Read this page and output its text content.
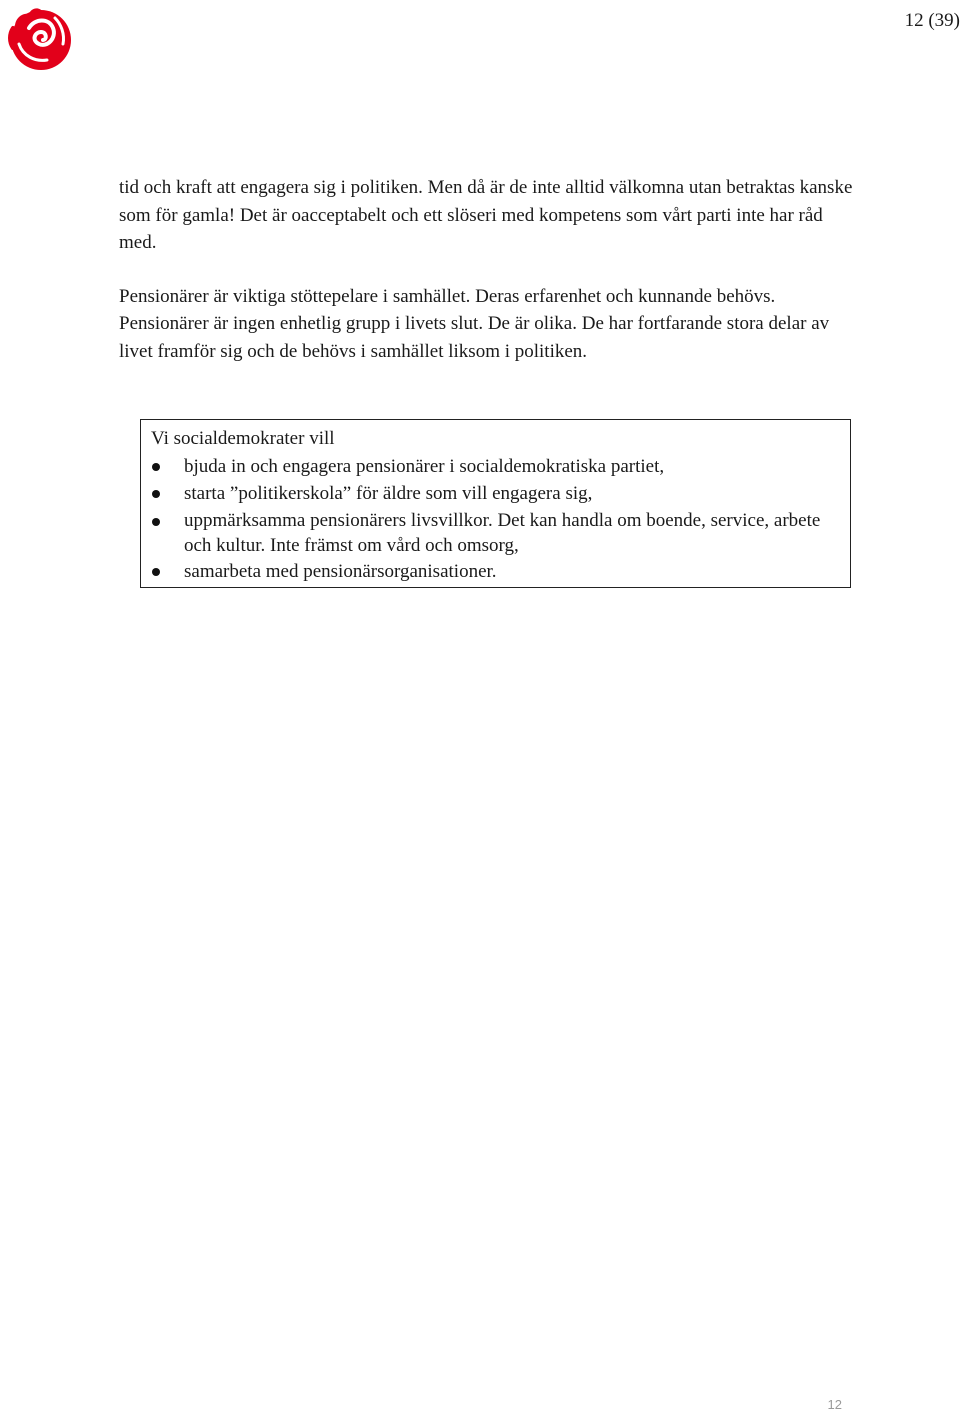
12 (39)

tid och kraft att engagera sig i politiken. Men då är de inte alltid välkomna utan betraktas kanske som för gamla! Det är oacceptabelt och ett slöseri med kompetens som vårt parti inte har råd med.

Pensionärer är viktiga stöttepelare i samhället. Deras erfarenhet och kunnande behövs. Pensionärer är ingen enhetlig grupp i livets slut. De är olika. De har fortfarande stora delar av livet framför sig och de behövs i samhället liksom i politiken.

Vi socialdemokrater vill

bjuda in och engagera pensionärer i socialdemokratiska partiet,
starta ”politikerskola” för äldre som vill engagera sig,
uppmärksamma pensionärers livsvillkor. Det kan handla om boende, service, arbete och kultur. Inte främst om vård och omsorg,
samarbeta med pensionärsorganisationer.
12
